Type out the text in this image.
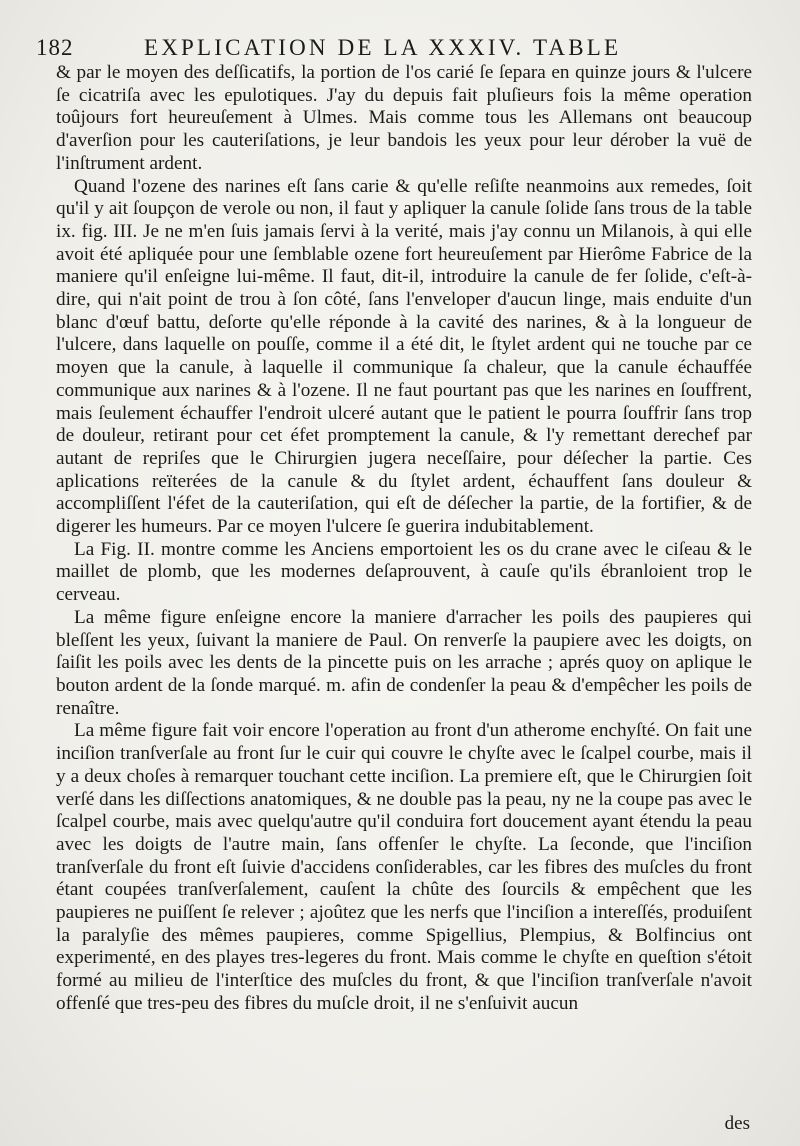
182	EXPLICATION DE LA XXXIV. TABLE

& par le moyen des deſſicatifs, la portion de l'os carié ſe ſepara en quinze jours & l'ulcere ſe cicatriſa avec les epulotiques. J'ay du depuis fait pluſieurs fois la même operation toûjours fort heureuſement à Ulmes. Mais comme tous les Allemans ont beaucoup d'averſion pour les cauteriſations, je leur bandois les yeux pour leur dérober la vuë de l'inſtrument ardent.

Quand l'ozene des narines eſt ſans carie & qu'elle reſiſte neanmoins aux remedes, ſoit qu'il y ait ſoupçon de verole ou non, il faut y apliquer la canule ſolide ſans trous de la table ix. fig. III. Je ne m'en ſuis jamais ſervi à la verité, mais j'ay connu un Milanois, à qui elle avoit été apliquée pour une ſemblable ozene fort heureuſement par Hierôme Fabrice de la maniere qu'il enſeigne lui-même. Il faut, dit-il, introduire la canule de fer ſolide, c'eſt-à-dire, qui n'ait point de trou à ſon côté, ſans l'enveloper d'aucun linge, mais enduite d'un blanc d'œuf battu, deſorte qu'elle réponde à la cavité des narines, & à la longueur de l'ulcere, dans laquelle on pouſſe, comme il a été dit, le ſtylet ardent qui ne touche par ce moyen que la canule, à laquelle il communique ſa chaleur, que la canule échauffée communique aux narines & à l'ozene. Il ne faut pourtant pas que les narines en ſouffrent, mais ſeulement échauffer l'endroit ulceré autant que le patient le pourra ſouffrir ſans trop de douleur, retirant pour cet éfet promptement la canule, & l'y remettant derechef par autant de repriſes que le Chirurgien jugera neceſſaire, pour déſecher la partie. Ces aplications reïterées de la canule & du ſtylet ardent, échauffent ſans douleur & accompliſſent l'éfet de la cauteriſation, qui eſt de déſecher la partie, de la fortifier, & de digerer les humeurs. Par ce moyen l'ulcere ſe guerira indubitablement.

La Fig. II. montre comme les Anciens emportoient les os du crane avec le ciſeau & le maillet de plomb, que les modernes deſaprouvent, à cauſe qu'ils ébranloient trop le cerveau.

La même figure enſeigne encore la maniere d'arracher les poils des paupieres qui bleſſent les yeux, ſuivant la maniere de Paul. On renverſe la paupiere avec les doigts, on ſaiſit les poils avec les dents de la pincette puis on les arrache ; aprés quoy on aplique le bouton ardent de la ſonde marqué. m. afin de condenſer la peau & d'empêcher les poils de renaître.

La même figure fait voir encore l'operation au front d'un atherome enchyſté. On fait une inciſion tranſverſale au front ſur le cuir qui couvre le chyſte avec le ſcalpel courbe, mais il y a deux choſes à remarquer touchant cette inciſion. La premiere eſt, que le Chirurgien ſoit verſé dans les diſſections anatomiques, & ne double pas la peau, ny ne la coupe pas avec le ſcalpel courbe, mais avec quelqu'autre qu'il conduira fort doucement ayant étendu la peau avec les doigts de l'autre main, ſans offenſer le chyſte. La ſeconde, que l'inciſion tranſverſale du front eſt ſuivie d'accidens conſiderables, car les fibres des muſcles du front étant coupées tranſverſalement, cauſent la chûte des ſourcils & empêchent que les paupieres ne puiſſent ſe relever ; ajoûtez que les nerfs que l'inciſion a intereſſés, produiſent la paralyſie des mêmes paupieres, comme Spigellius, Plempius, & Bolfincius ont experimenté, en des playes tres-legeres du front. Mais comme le chyſte en queſtion s'étoit formé au milieu de l'interſtice des muſcles du front, & que l'inciſion tranſverſale n'avoit offenſé que tres-peu des fibres du muſcle droit, il ne s'enſuivit aucun

des
